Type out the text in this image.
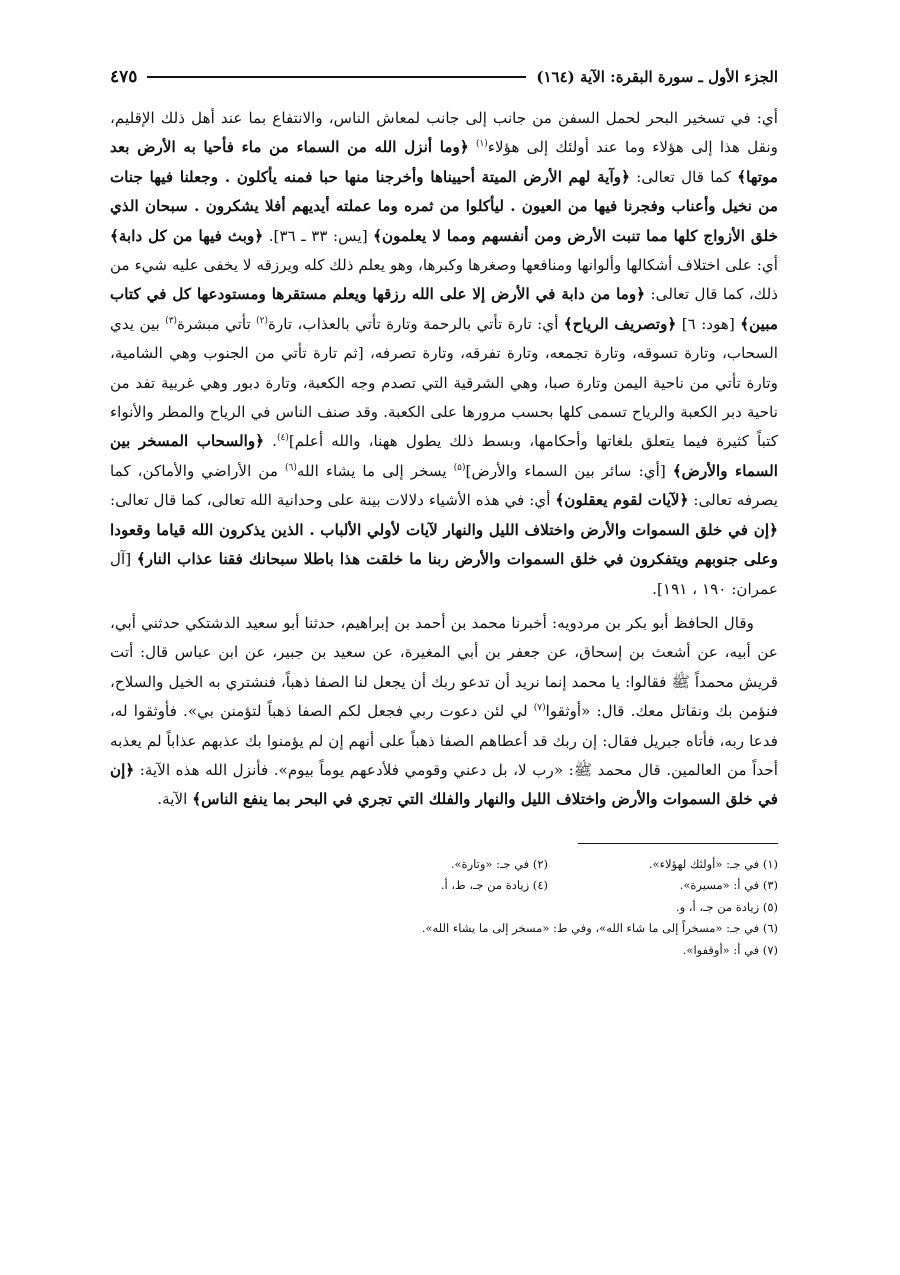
الجزء الأول ـ سورة البقرة: الآية (١٦٤)
٤٧٥

أي: في تسخير البحر لحمل السفن من جانب إلى جانب لمعاش الناس، والانتفاع بما عند أهل ذلك الإقليم، ونقل هذا إلى هؤلاء وما عند أولئك إلى هؤلاء$^{(١)}$ ﴿وما أنزل الله من السماء من ماء فأحيا به الأرض بعد موتها﴾ كما قال تعالى: ﴿وآية لهم الأرض الميتة أحييناها وأخرجنا منها حبا فمنه يأكلون . وجعلنا فيها جنات من نخيل وأعناب وفجرنا فيها من العيون . ليأكلوا من ثمره وما عملته أيديهم أفلا يشكرون . سبحان الذي خلق الأزواج كلها مما تنبت الأرض ومن أنفسهم ومما لا يعلمون﴾ [يس: ٣٣ ـ ٣٦]. ﴿وبث فيها من كل دابة﴾ أي: على اختلاف أشكالها وألوانها ومنافعها وصغرها وكبرها، وهو يعلم ذلك كله ويرزقه لا يخفى عليه شيء من ذلك، كما قال تعالى: ﴿وما من دابة في الأرض إلا على الله رزقها ويعلم مستقرها ومستودعها كل في كتاب مبين﴾ [هود: ٦] ﴿وتصريف الرياح﴾ أي: تارة تأتي بالرحمة وتارة تأتي بالعذاب، تارة$^{(٢)}$ تأتي مبشرة$^{(٣)}$ بين يدي السحاب، وتارة تسوقه، وتارة تجمعه، وتارة تفرقه، وتارة تصرفه، [ثم تارة تأتي من الجنوب وهي الشامية، وتارة تأتي من ناحية اليمن وتارة صبا، وهي الشرقية التي تصدم وجه الكعبة، وتارة دبور وهي غربية تفد من ناحية دبر الكعبة والرياح تسمى كلها بحسب مرورها على الكعبة. وقد صنف الناس في الرياح والمطر والأنواء كتباً كثيرة فيما يتعلق بلغاتها وأحكامها، وبسط ذلك يطول ههنا، والله أعلم]$^{(٤)}$. ﴿والسحاب المسخر بين السماء والأرض﴾ [أي: سائر بين السماء والأرض]$^{(٥)}$ يسخر إلى ما يشاء الله$^{(٦)}$ من الأراضي والأماكن، كما يصرفه تعالى: ﴿لآيات لقوم يعقلون﴾ أي: في هذه الأشياء دلالات بينة على وحدانية الله تعالى، كما قال تعالى: ﴿إن في خلق السموات والأرض واختلاف الليل والنهار لآيات لأولي الألباب . الذين يذكرون الله قياما وقعودا وعلى جنوبهم ويتفكرون في خلق السموات والأرض ربنا ما خلقت هذا باطلا سبحانك فقنا عذاب النار﴾ [آل عمران: ١٩٠ ، ١٩١].

وقال الحافظ أبو بكر بن مردويه: أخبرنا محمد بن أحمد بن إبراهيم، حدثنا أبو سعيد الدشتكي حدثني أبي، عن أبيه، عن أشعث بن إسحاق، عن جعفر بن أبي المغيرة، عن سعيد بن جبير، عن ابن عباس قال: أتت قريش محمداً ﷺ فقالوا: يا محمد إنما نريد أن تدعو ربك أن يجعل لنا الصفا ذهباً، فنشتري به الخيل والسلاح، فنؤمن بك ونقاتل معك. قال: «أوثقوا$^{(٧)}$ لي لئن دعوت ربي فجعل لكم الصفا ذهباً لتؤمنن بي». فأوثقوا له، فدعا ربه، فأتاه جبريل فقال: إن ربك قد أعطاهم الصفا ذهباً على أنهم إن لم يؤمنوا بك عذبهم عذاباً لم يعذبه أحداً من العالمين. قال محمد ﷺ: «رب لا، بل دعني وقومي فلأدعهم يوماً بيوم». فأنزل الله هذه الآية: ﴿إن في خلق السموات والأرض واختلاف الليل والنهار والفلك التي تجري في البحر بما ينفع الناس﴾ الآية.

(١) في جـ: «أولئك لهؤلاء».
(٢) في جـ: «وتارة».
(٣) في أ: «مسيرة».
(٤) زيادة من جـ، ط، أ.
(٥) زيادة من جـ، أ، و.
(٦) في جـ: «مسخراً إلى ما شاء الله»، وفي ط: «مسخر إلى ما يشاء الله».
(٧) في أ: «أوقفوا».
